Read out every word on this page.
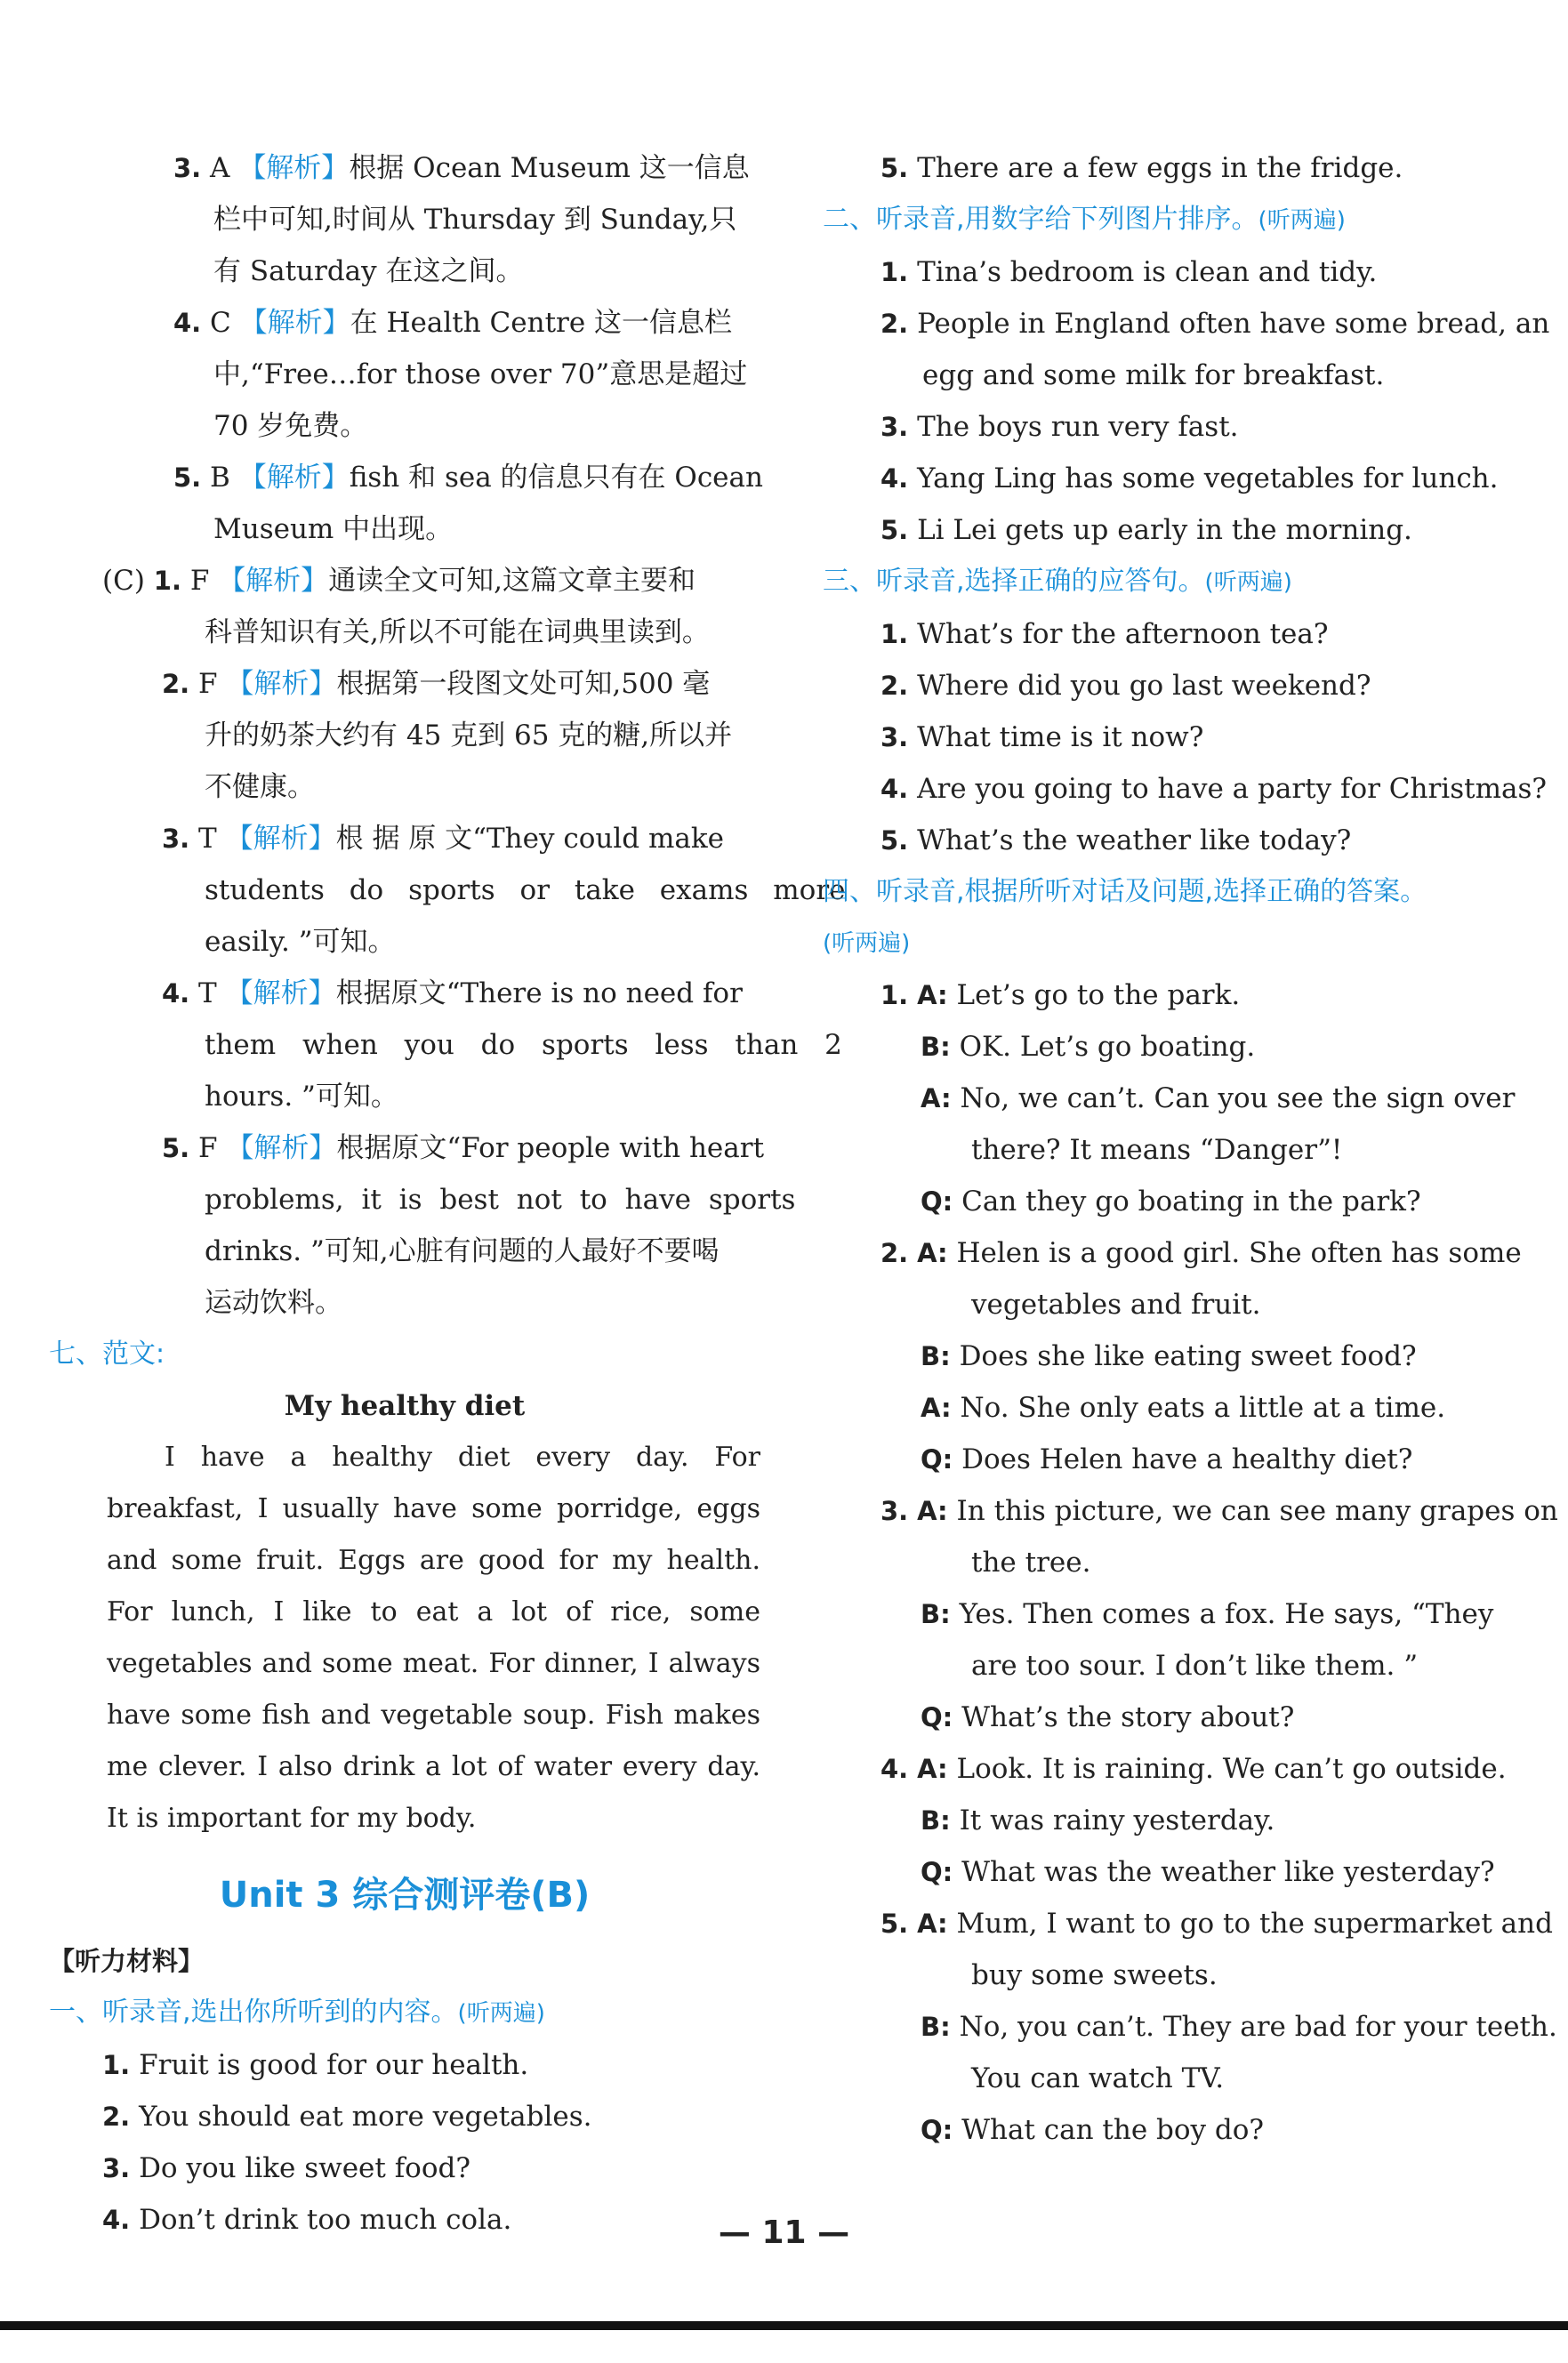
3. A 【解析】根据 Ocean Museum 这一信息
栏中可知,时间从 Thursday 到 Sunday,只
有 Saturday 在这之间。
4. C 【解析】在 Health Centre 这一信息栏
中,“Free…for those over 70”意思是超过
70 岁免费。
5. B 【解析】fish 和 sea 的信息只有在 Ocean
Museum 中出现。
(C) 1. F 【解析】通读全文可知,这篇文章主要和
科普知识有关,所以不可能在词典里读到。
2. F 【解析】根据第一段图文处可知,500 毫
升的奶茶大约有 45 克到 65 克的糖,所以并
不健康。
3. T 【解析】根 据 原 文“They could make
students do sports or take exams more
easily. ”可知。
4. T 【解析】根据原文“There is no need for
them when you do sports less than 2
hours. ”可知。
5. F 【解析】根据原文“For people with heart
problems, it is best not to have sports
drinks. ”可知,心脏有问题的人最好不要喝
运动饮料。
七、范文:
My healthy diet
I have a healthy diet every day. For breakfast, I usually have some porridge, eggs and some fruit. Eggs are good for my health. For lunch, I like to eat a lot of rice, some vegetables and some meat. For dinner, I always have some fish and vegetable soup. Fish makes me clever. I also drink a lot of water every day. It is important for my body.
Unit 3 综合测评卷(B)
【听力材料】
一、听录音,选出你所听到的内容。(听两遍)
1. Fruit is good for our health.
2. You should eat more vegetables.
3. Do you like sweet food?
4. Don’t drink too much cola.
5. There are a few eggs in the fridge.
二、听录音,用数字给下列图片排序。(听两遍)
1. Tina’s bedroom is clean and tidy.
2. People in England often have some bread, an
egg and some milk for breakfast.
3. The boys run very fast.
4. Yang Ling has some vegetables for lunch.
5. Li Lei gets up early in the morning.
三、听录音,选择正确的应答句。(听两遍)
1. What’s for the afternoon tea?
2. Where did you go last weekend?
3. What time is it now?
4. Are you going to have a party for Christmas?
5. What’s the weather like today?
四、听录音,根据所听对话及问题,选择正确的答案。
(听两遍)
1. A: Let’s go to the park.
B: OK. Let’s go boating.
A: No, we can’t. Can you see the sign over
there? It means “Danger”!
Q: Can they go boating in the park?
2. A: Helen is a good girl. She often has some
vegetables and fruit.
B: Does she like eating sweet food?
A: No. She only eats a little at a time.
Q: Does Helen have a healthy diet?
3. A: In this picture, we can see many grapes on
the tree.
B: Yes. Then comes a fox. He says, “They
are too sour. I don’t like them. ”
Q: What’s the story about?
4. A: Look. It is raining. We can’t go outside.
B: It was rainy yesterday.
Q: What was the weather like yesterday?
5. A: Mum, I want to go to the supermarket and
buy some sweets.
B: No, you can’t. They are bad for your teeth.
You can watch TV.
Q: What can the boy do?
— 11 —
